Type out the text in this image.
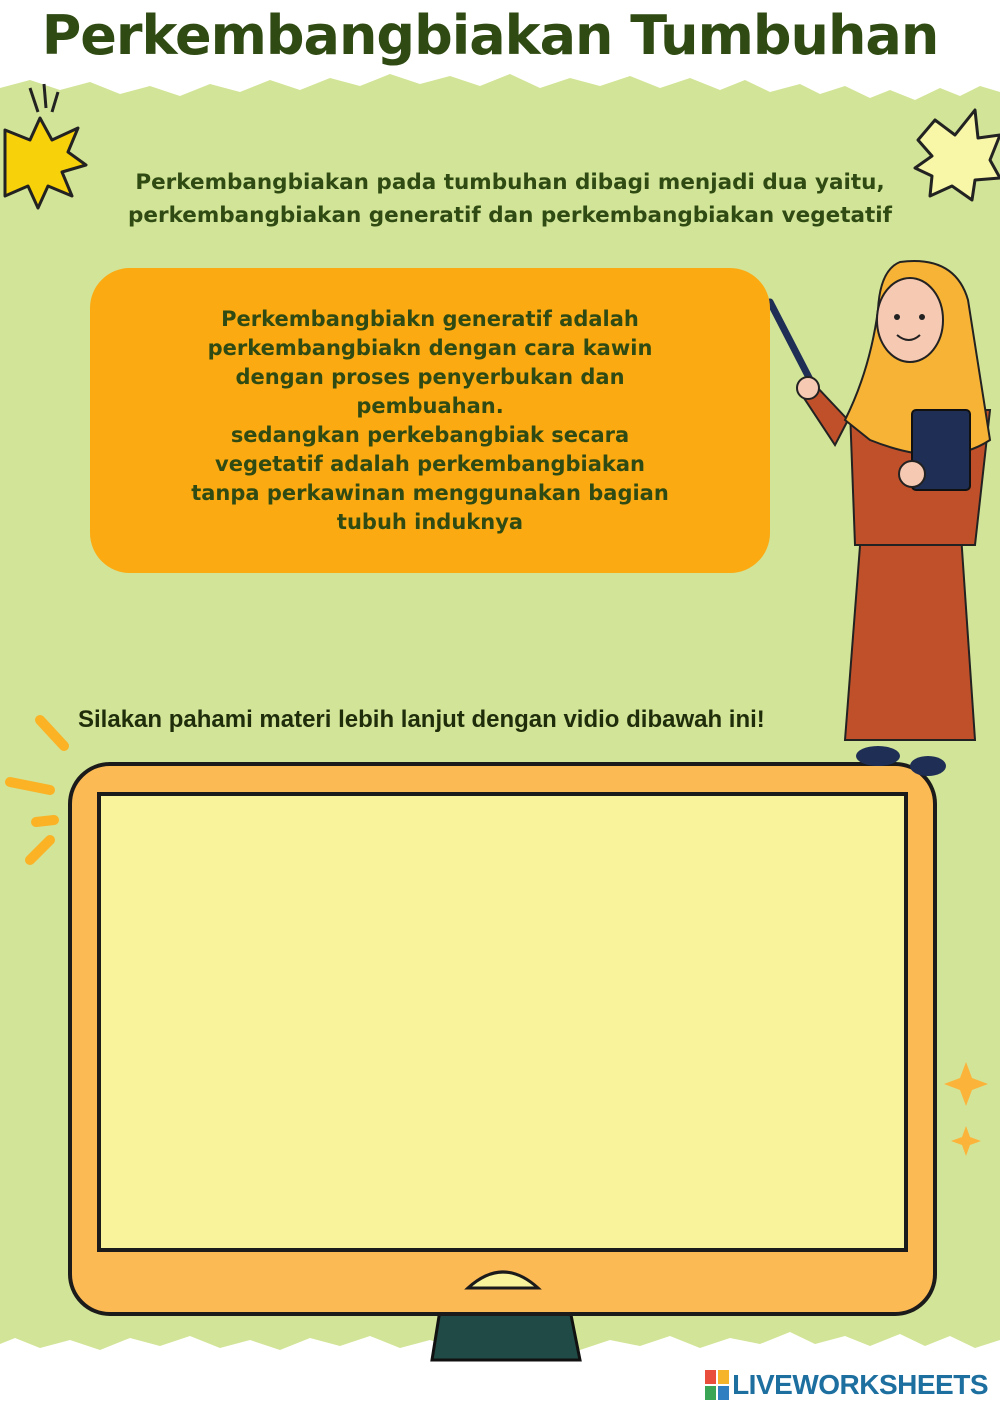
Perkembangbiakan Tumbuhan
Perkembangbiakan pada tumbuhan dibagi menjadi dua yaitu,
perkembangbiakan generatif dan perkembangbiakan vegetatif
Perkembangbiakn generatif adalah
perkembangbiakn dengan cara kawin
dengan proses penyerbukan dan
pembuahan.
sedangkan perkebangbiak secara
vegetatif adalah perkembangbiakan
tanpa perkawinan menggunakan bagian
tubuh induknya

Silakan pahami materi lebih lanjut dengan vidio dibawah ini!

LIVEWORKSHEETS
